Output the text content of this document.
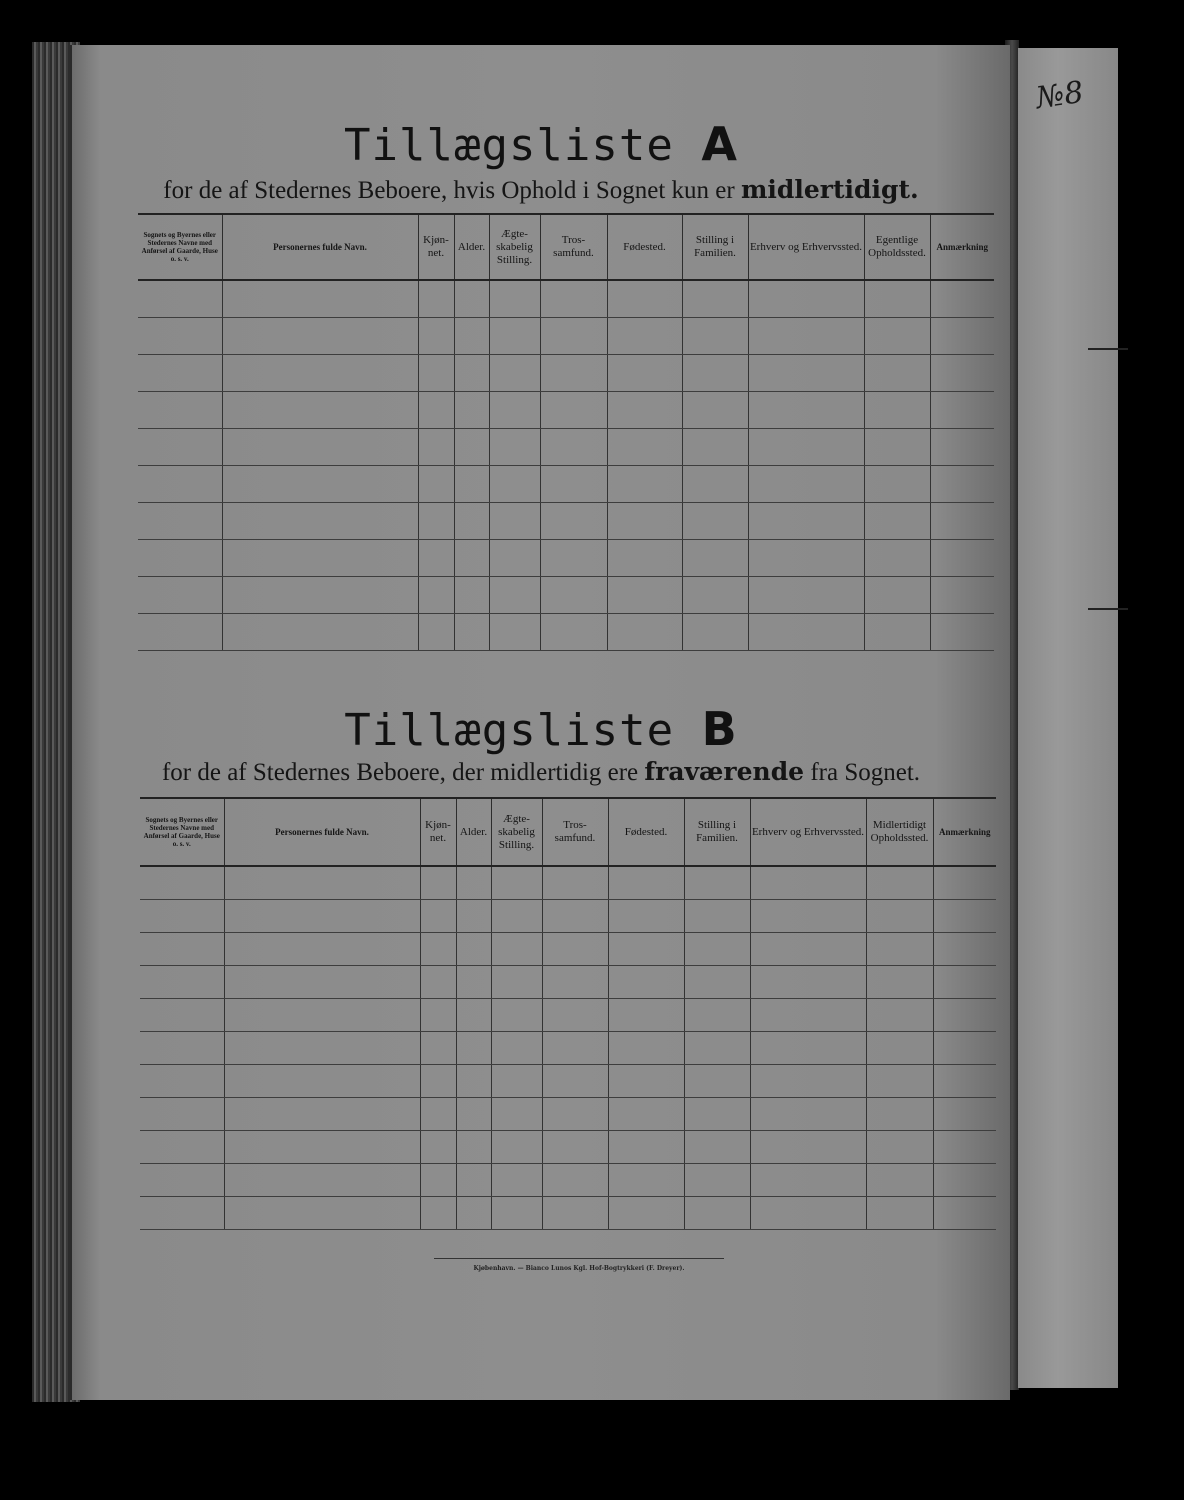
№8
Tillægsliste A
for de af Stedernes Beboere, hvis Ophold i Sognet kun er midlertidigt.
Sognets og Byernes eller Stedernes Navne med Anførsel af Gaarde, Huse o. s. v.	Personernes fulde Navn.	Kjøn-net.	Alder.	Ægte-skabelig Stilling.	Tros-samfund.	Fødested.	Stilling i Familien.	Erhverv og Erhvervssted.	Egentlige Opholdssted.	Anmærkning

Tillægsliste B
for de af Stedernes Beboere, der midlertidig ere fraværende fra Sognet.
Sognets og Byernes eller Stedernes Navne med Anførsel af Gaarde, Huse o. s. v.	Personernes fulde Navn.	Kjøn-net.	Alder.	Ægte-skabelig Stilling.	Tros-samfund.	Fødested.	Stilling i Familien.	Erhverv og Erhvervssted.	Midlertidigt Opholdssted.	Anmærkning

Kjøbenhavn. — Bianco Lunos Kgl. Hof-Bogtrykkeri (F. Dreyer).
